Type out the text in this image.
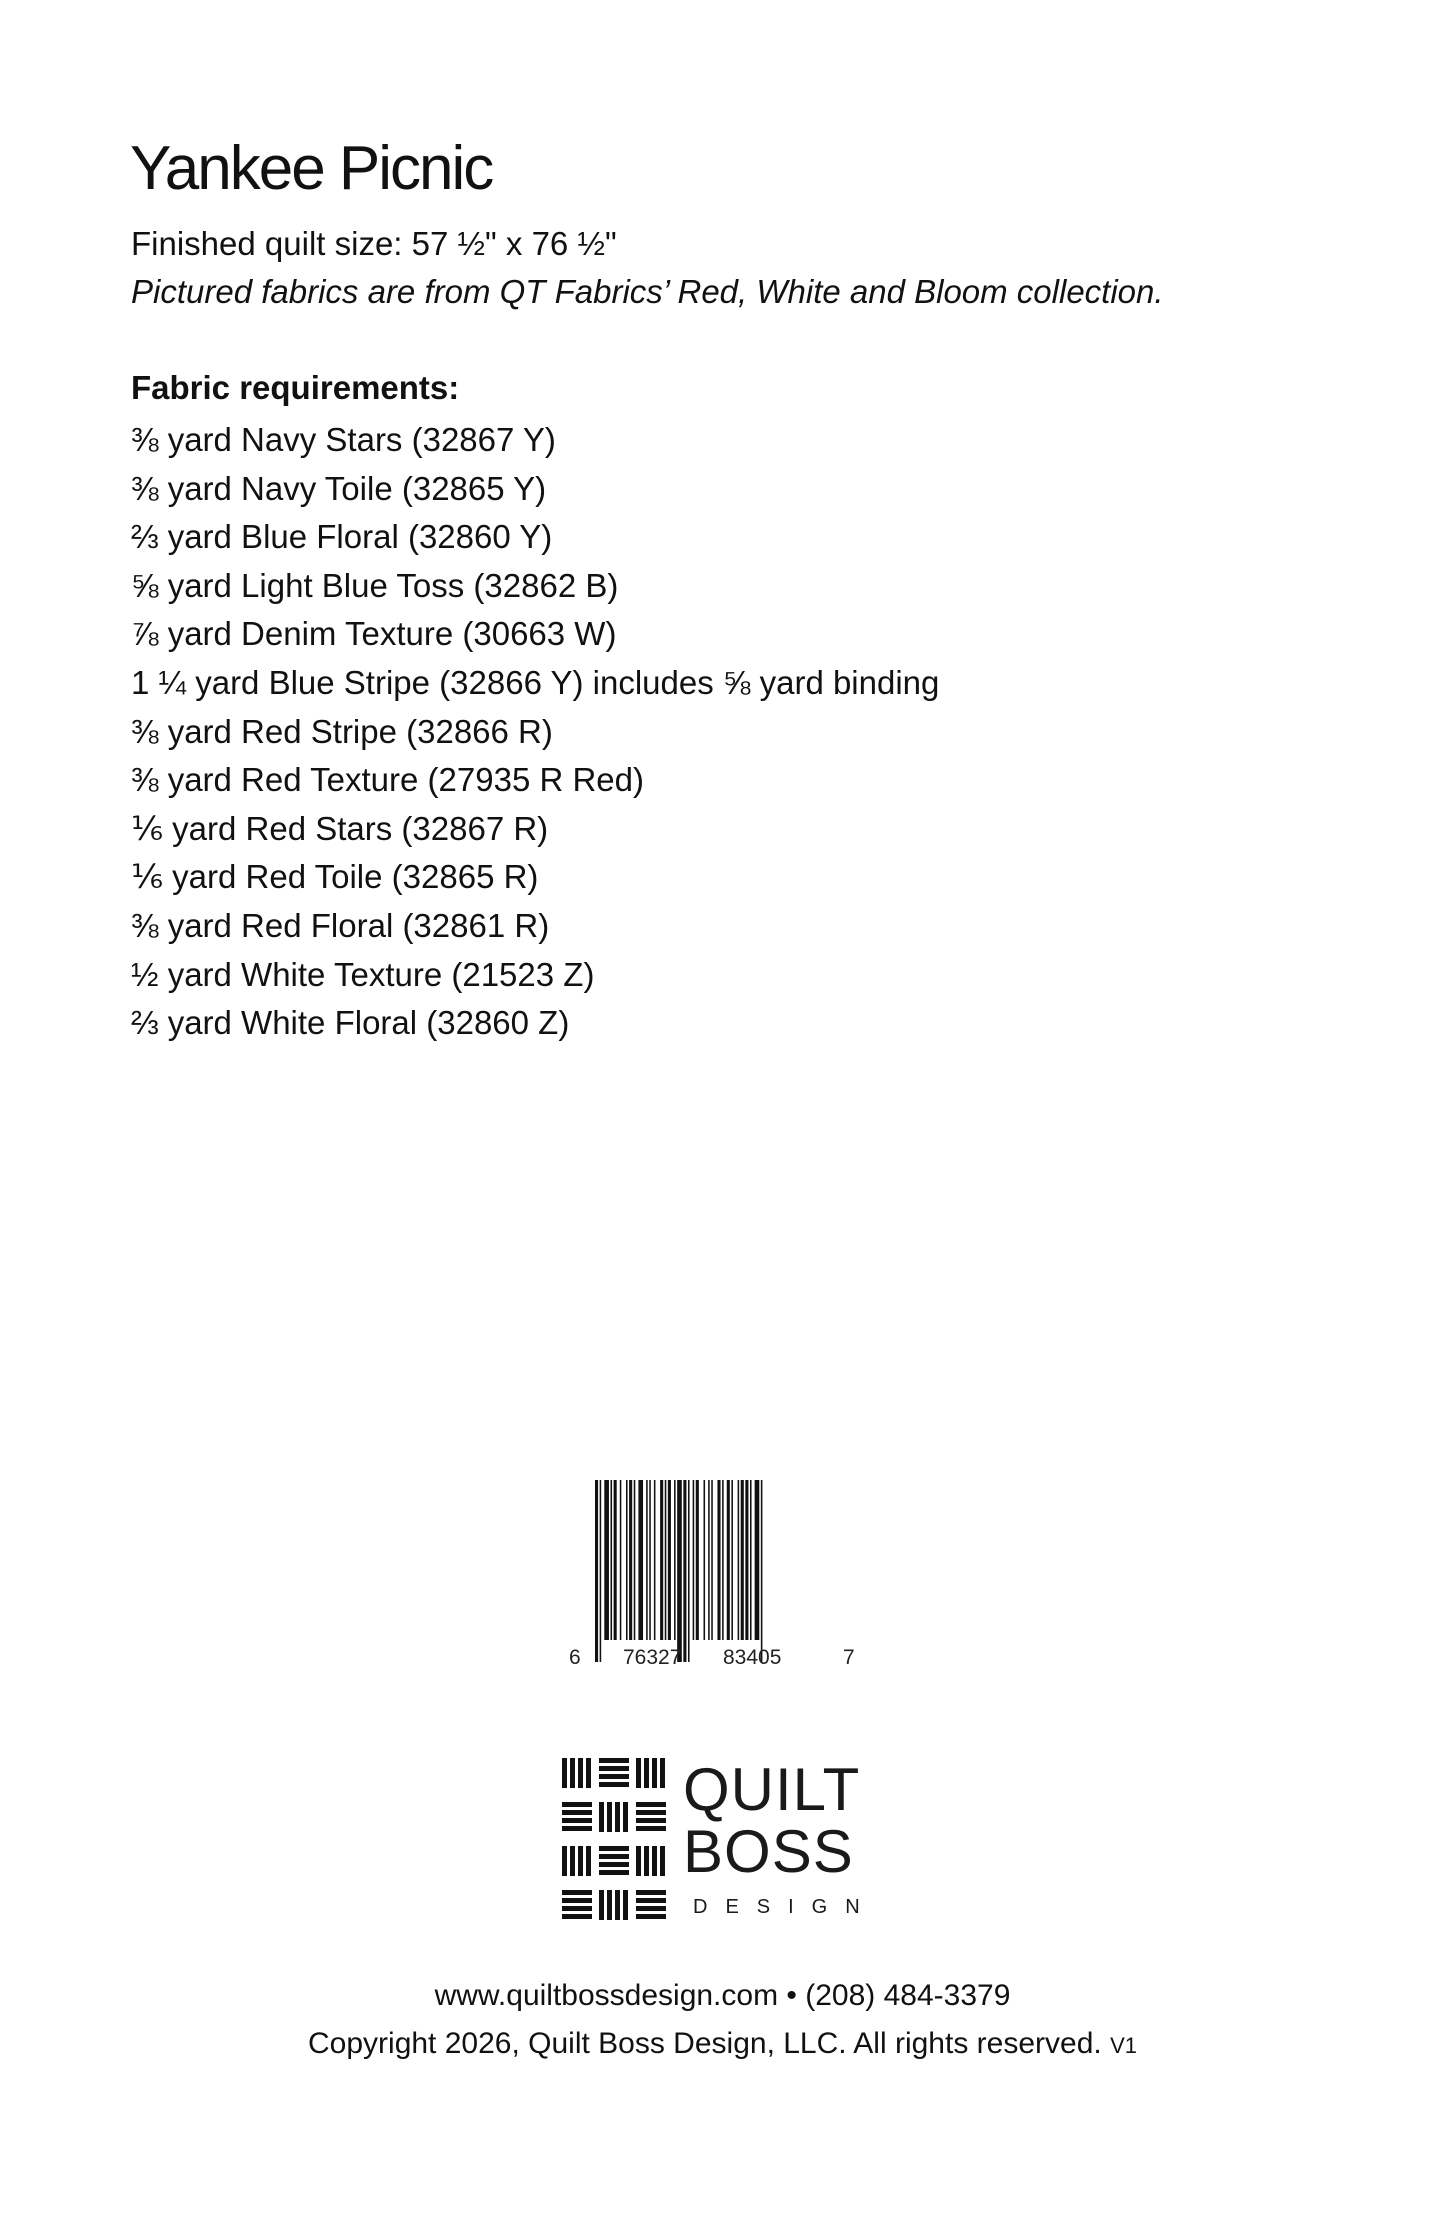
Yankee Picnic
Finished quilt size: 57 ½" x 76 ½"
Pictured fabrics are from QT Fabrics’ Red, White and Bloom collection.
Fabric requirements:
⅜ yard Navy Stars (32867 Y)
⅜ yard Navy Toile (32865 Y)
⅔ yard Blue Floral (32860 Y)
⅝ yard Light Blue Toss (32862 B)
⅞ yard Denim Texture (30663 W)
1 ¼ yard Blue Stripe (32866 Y) includes ⅝ yard binding
⅜ yard Red Stripe (32866 R)
⅜ yard Red Texture (27935 R Red)
⅙ yard Red Stars (32867 R)
⅙ yard Red Toile (32865 R)
⅜ yard Red Floral (32861 R)
½ yard White Texture (21523 Z)
⅔ yard White Floral (32860 Z)
6 76327 83405	7
QUILT
BOSS
DESIGN
www.quiltbossdesign.com • (208) 484-3379
Copyright 2026, Quilt Boss Design, LLC. All rights reserved. V1
